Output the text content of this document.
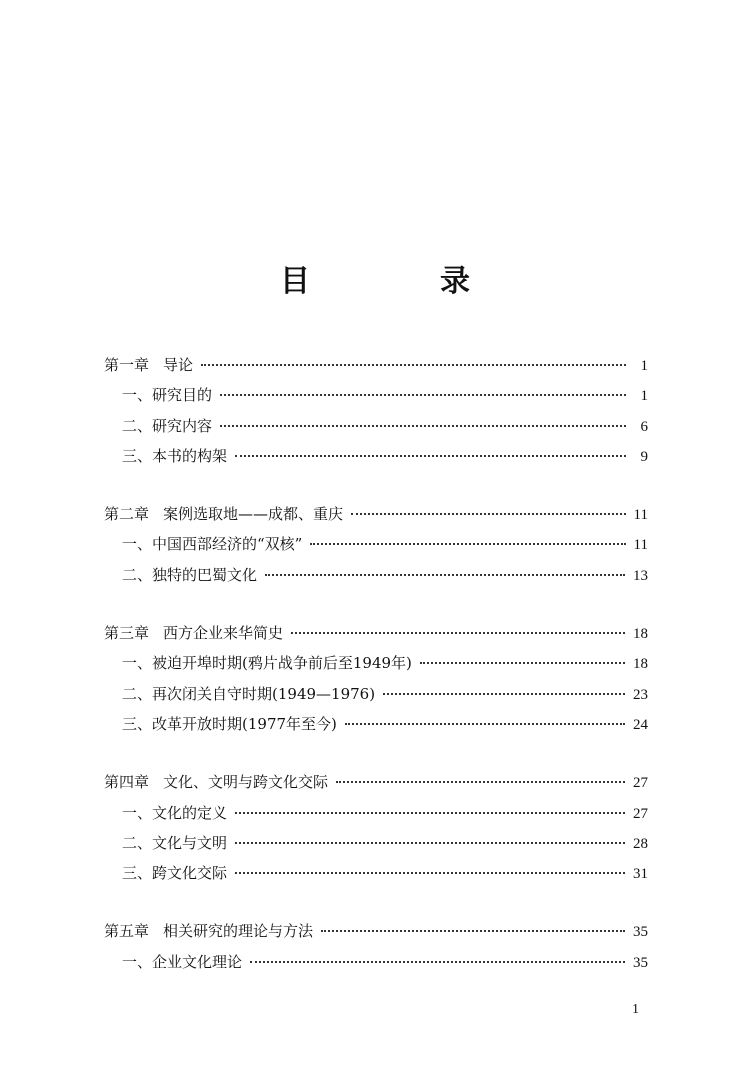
目　录
第一章 导论	1
一、研究目的	1
二、研究内容	6
三、本书的构架	9
第二章 案例选取地——成都、重庆	11
一、中国西部经济的“双核”	11
二、独特的巴蜀文化	13
第三章 西方企业来华简史	18
一、被迫开埠时期(鸦片战争前后至1949年)	18
二、再次闭关自守时期(1949—1976)	23
三、改革开放时期(1977年至今)	24
第四章 文化、文明与跨文化交际	27
一、文化的定义	27
二、文化与文明	28
三、跨文化交际	31
第五章 相关研究的理论与方法	35
一、企业文化理论	35
1
